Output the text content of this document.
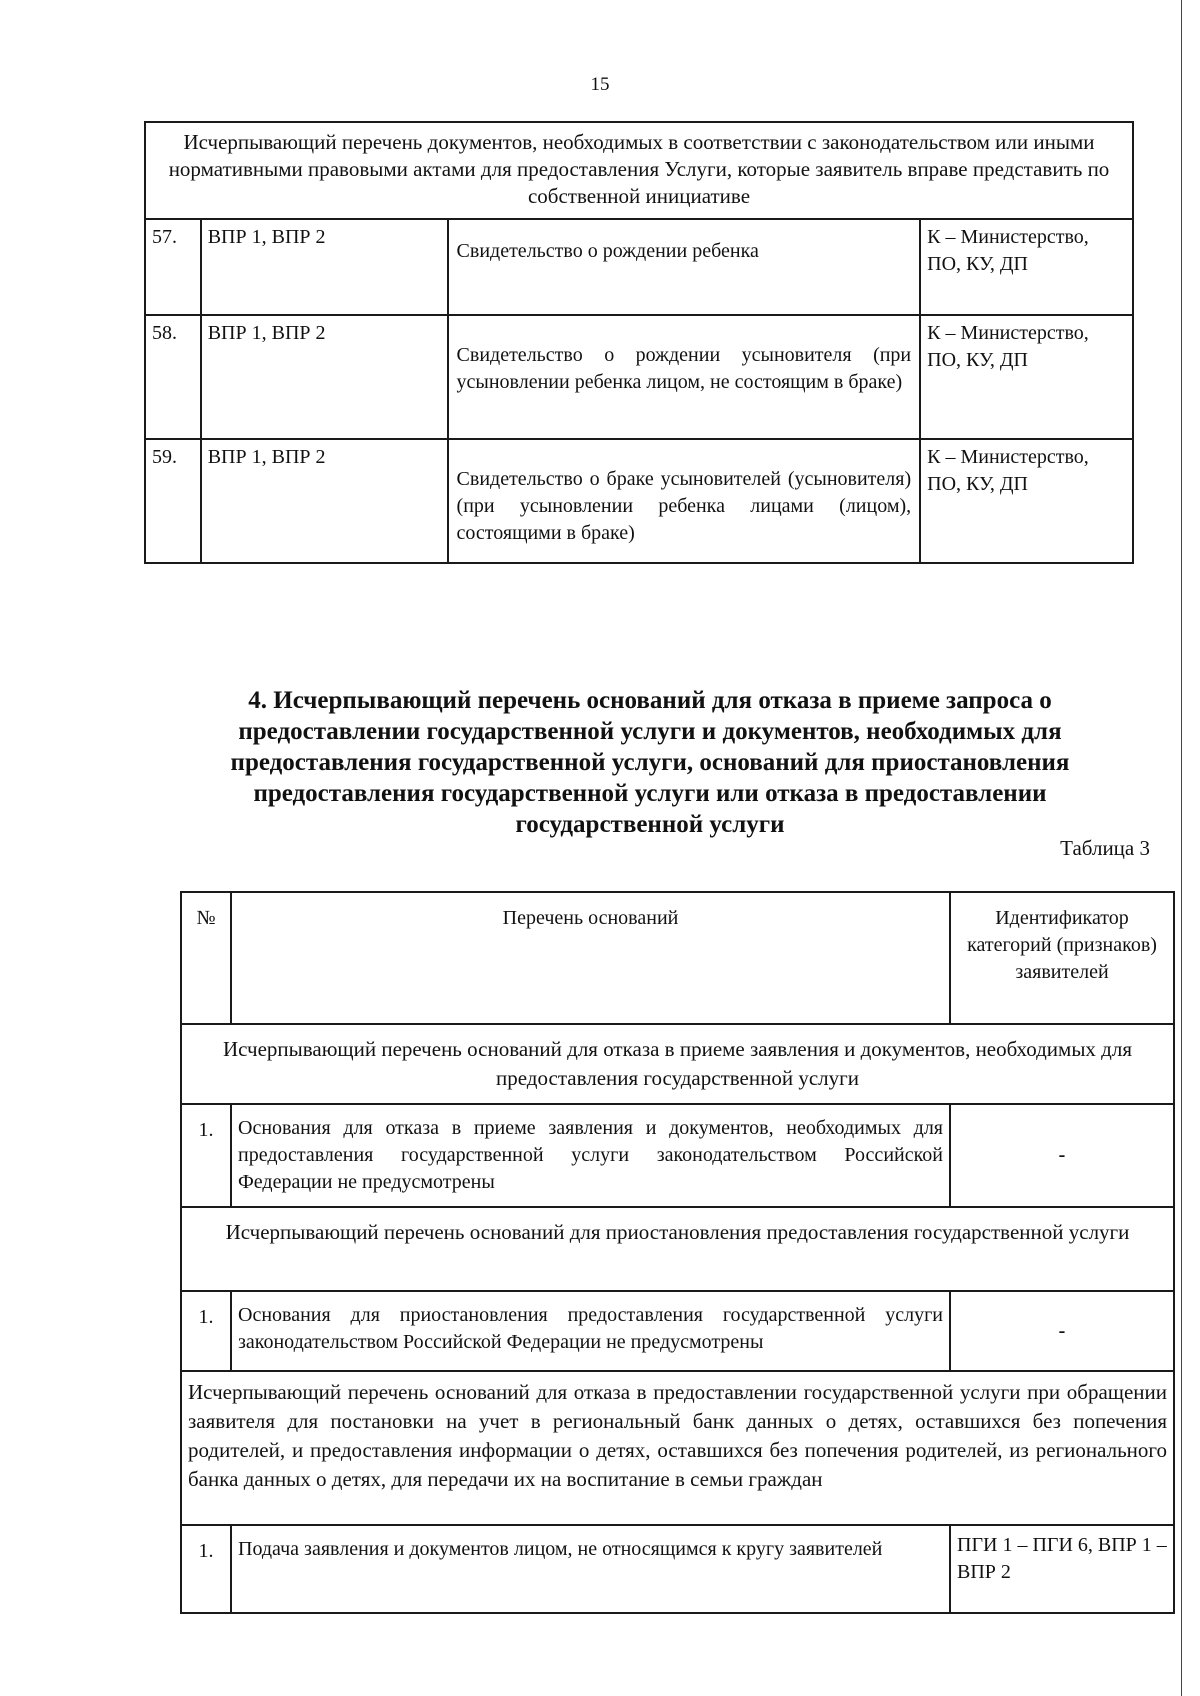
15
Исчерпывающий перечень документов, необходимых в соответствии с законодательством или иными нормативными правовыми актами для предоставления Услуги, которые заявитель вправе представить по собственной инициативе			
57.	ВПР 1, ВПР 2	Свидетельство о рождении ребенка	К – Министерство, ПО, КУ, ДП
58.	ВПР 1, ВПР 2	Свидетельство о рождении усыновителя (при усыновлении ребенка лицом, не состоящим в браке)	К – Министерство, ПО, КУ, ДП
59.	ВПР 1, ВПР 2	Свидетельство о браке усыновителей (усыновителя) (при усыновлении ребенка лицами (лицом), состоящими в браке)	К – Министерство, ПО, КУ, ДП
4. Исчерпывающий перечень оснований для отказа в приеме запроса о предоставлении государственной услуги и документов, необходимых для предоставления государственной услуги, оснований для приостановления предоставления государственной услуги или отказа в предоставлении государственной услуги
Таблица 3
№	Перечень оснований	Идентификатор категорий (признаков) заявителей
Исчерпывающий перечень оснований для отказа в приеме заявления и документов, необходимых для предоставления государственной услуги		
1.	Основания для отказа в приеме заявления и документов, необходимых для предоставления государственной услуги законодательством Российской Федерации не предусмотрены	-
Исчерпывающий перечень оснований для приостановления предоставления государственной услуги		
1.	Основания для приостановления предоставления государственной услуги законодательством Российской Федерации не предусмотрены	-
Исчерпывающий перечень оснований для отказа в предоставлении государственной услуги при обращении заявителя для постановки на учет в региональный банк данных о детях, оставшихся без попечения родителей, и предоставления информации о детях, оставшихся без попечения родителей, из регионального банка данных о детях, для передачи их на воспитание в семьи граждан		
1.	Подача заявления и документов лицом, не относящимся к кругу заявителей	ПГИ 1 – ПГИ 6, ВПР 1 – ВПР 2
